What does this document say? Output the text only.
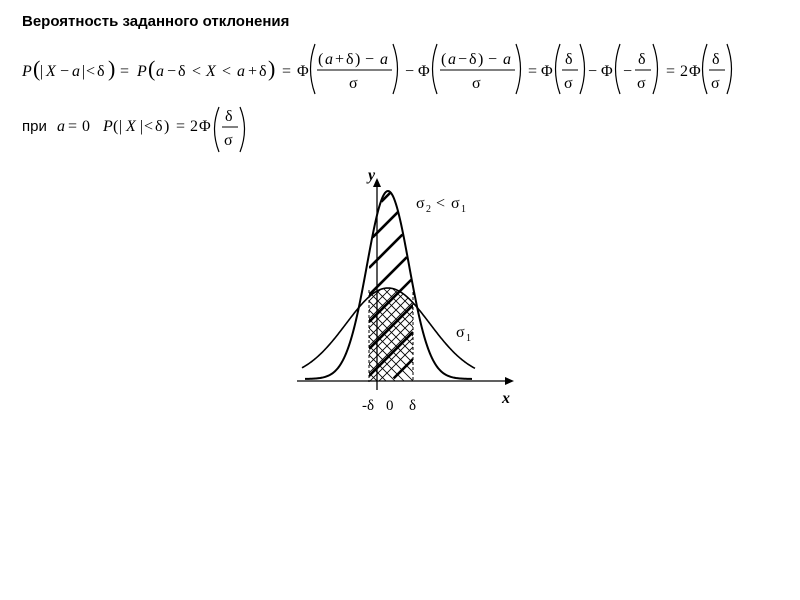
Вероятность заданного отклонения
P ( | X − a | < δ ) = P ( a − δ < X < a + δ ) = Φ
( a + δ ) − a
σ
− Φ
( a − δ ) − a
σ
= Φ
δ
σ
− Φ −
δ
σ
= 2 Φ
δ
σ
при a = 0 P ( | X | < δ ) = 2 Φ
δ
σ
y
x
σ 2 < σ 1
σ 1
-δ 0 δ
